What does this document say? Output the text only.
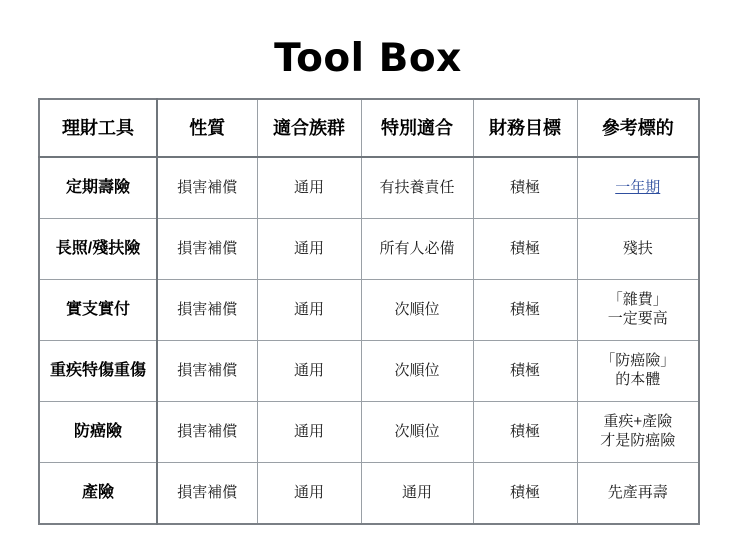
Tool Box
理財工具	性質	適合族群	特別適合	財務目標	參考標的
定期壽險	損害補償	通用	有扶養責任	積極	一年期

長照/殘扶險	損害補償	通用	所有人必備	積極	殘扶

實支實付	損害補償	通用	次順位	積極	「雜費」
一定要高

重疾特傷重傷	損害補償	通用	次順位	積極	「防癌險」
的本體

防癌險	損害補償	通用	次順位	積極	重疾+產險
才是防癌險

產險	損害補償	通用	通用	積極	先產再壽
